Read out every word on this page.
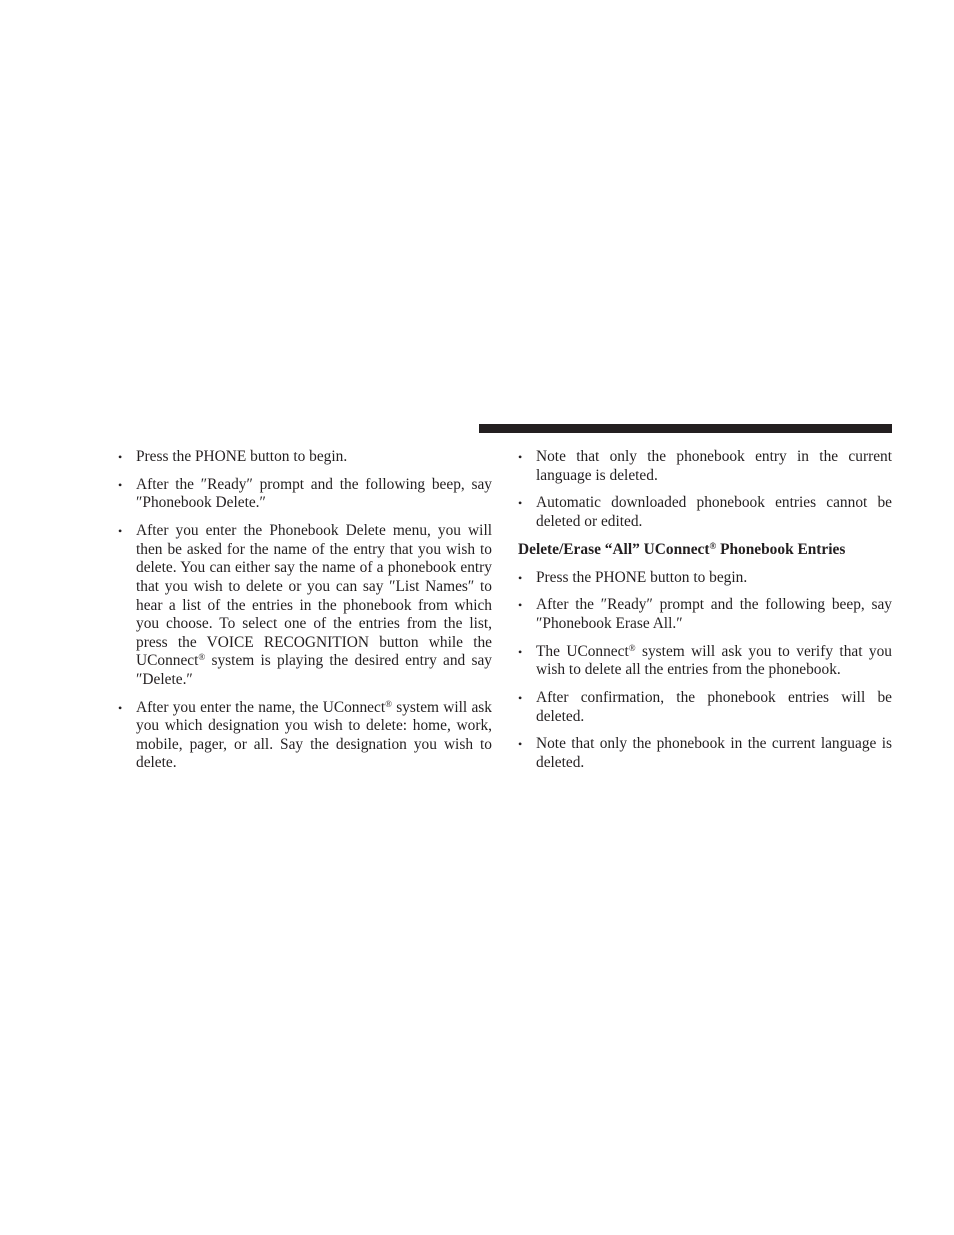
• Press the PHONE button to begin.
• After the ″Ready″ prompt and the following beep, say ″Phonebook Delete.″
• After you enter the Phonebook Delete menu, you will then be asked for the name of the entry that you wish to delete. You can either say the name of a phonebook entry that you wish to delete or you can say ″List Names″ to hear a list of the entries in the phonebook from which you choose. To select one of the entries from the list, press the VOICE RECOGNITION button while the UConnect® system is playing the desired entry and say ″Delete.″
• After you enter the name, the UConnect® system will ask you which designation you wish to delete: home, work, mobile, pager, or all. Say the designation you wish to delete.
• Note that only the phonebook entry in the current language is deleted.
• Automatic downloaded phonebook entries cannot be deleted or edited.
Delete/Erase “All” UConnect® Phonebook Entries
• Press the PHONE button to begin.
• After the ″Ready″ prompt and the following beep, say ″Phonebook Erase All.″
• The UConnect® system will ask you to verify that you wish to delete all the entries from the phonebook.
• After confirmation, the phonebook entries will be deleted.
• Note that only the phonebook in the current language is deleted.
